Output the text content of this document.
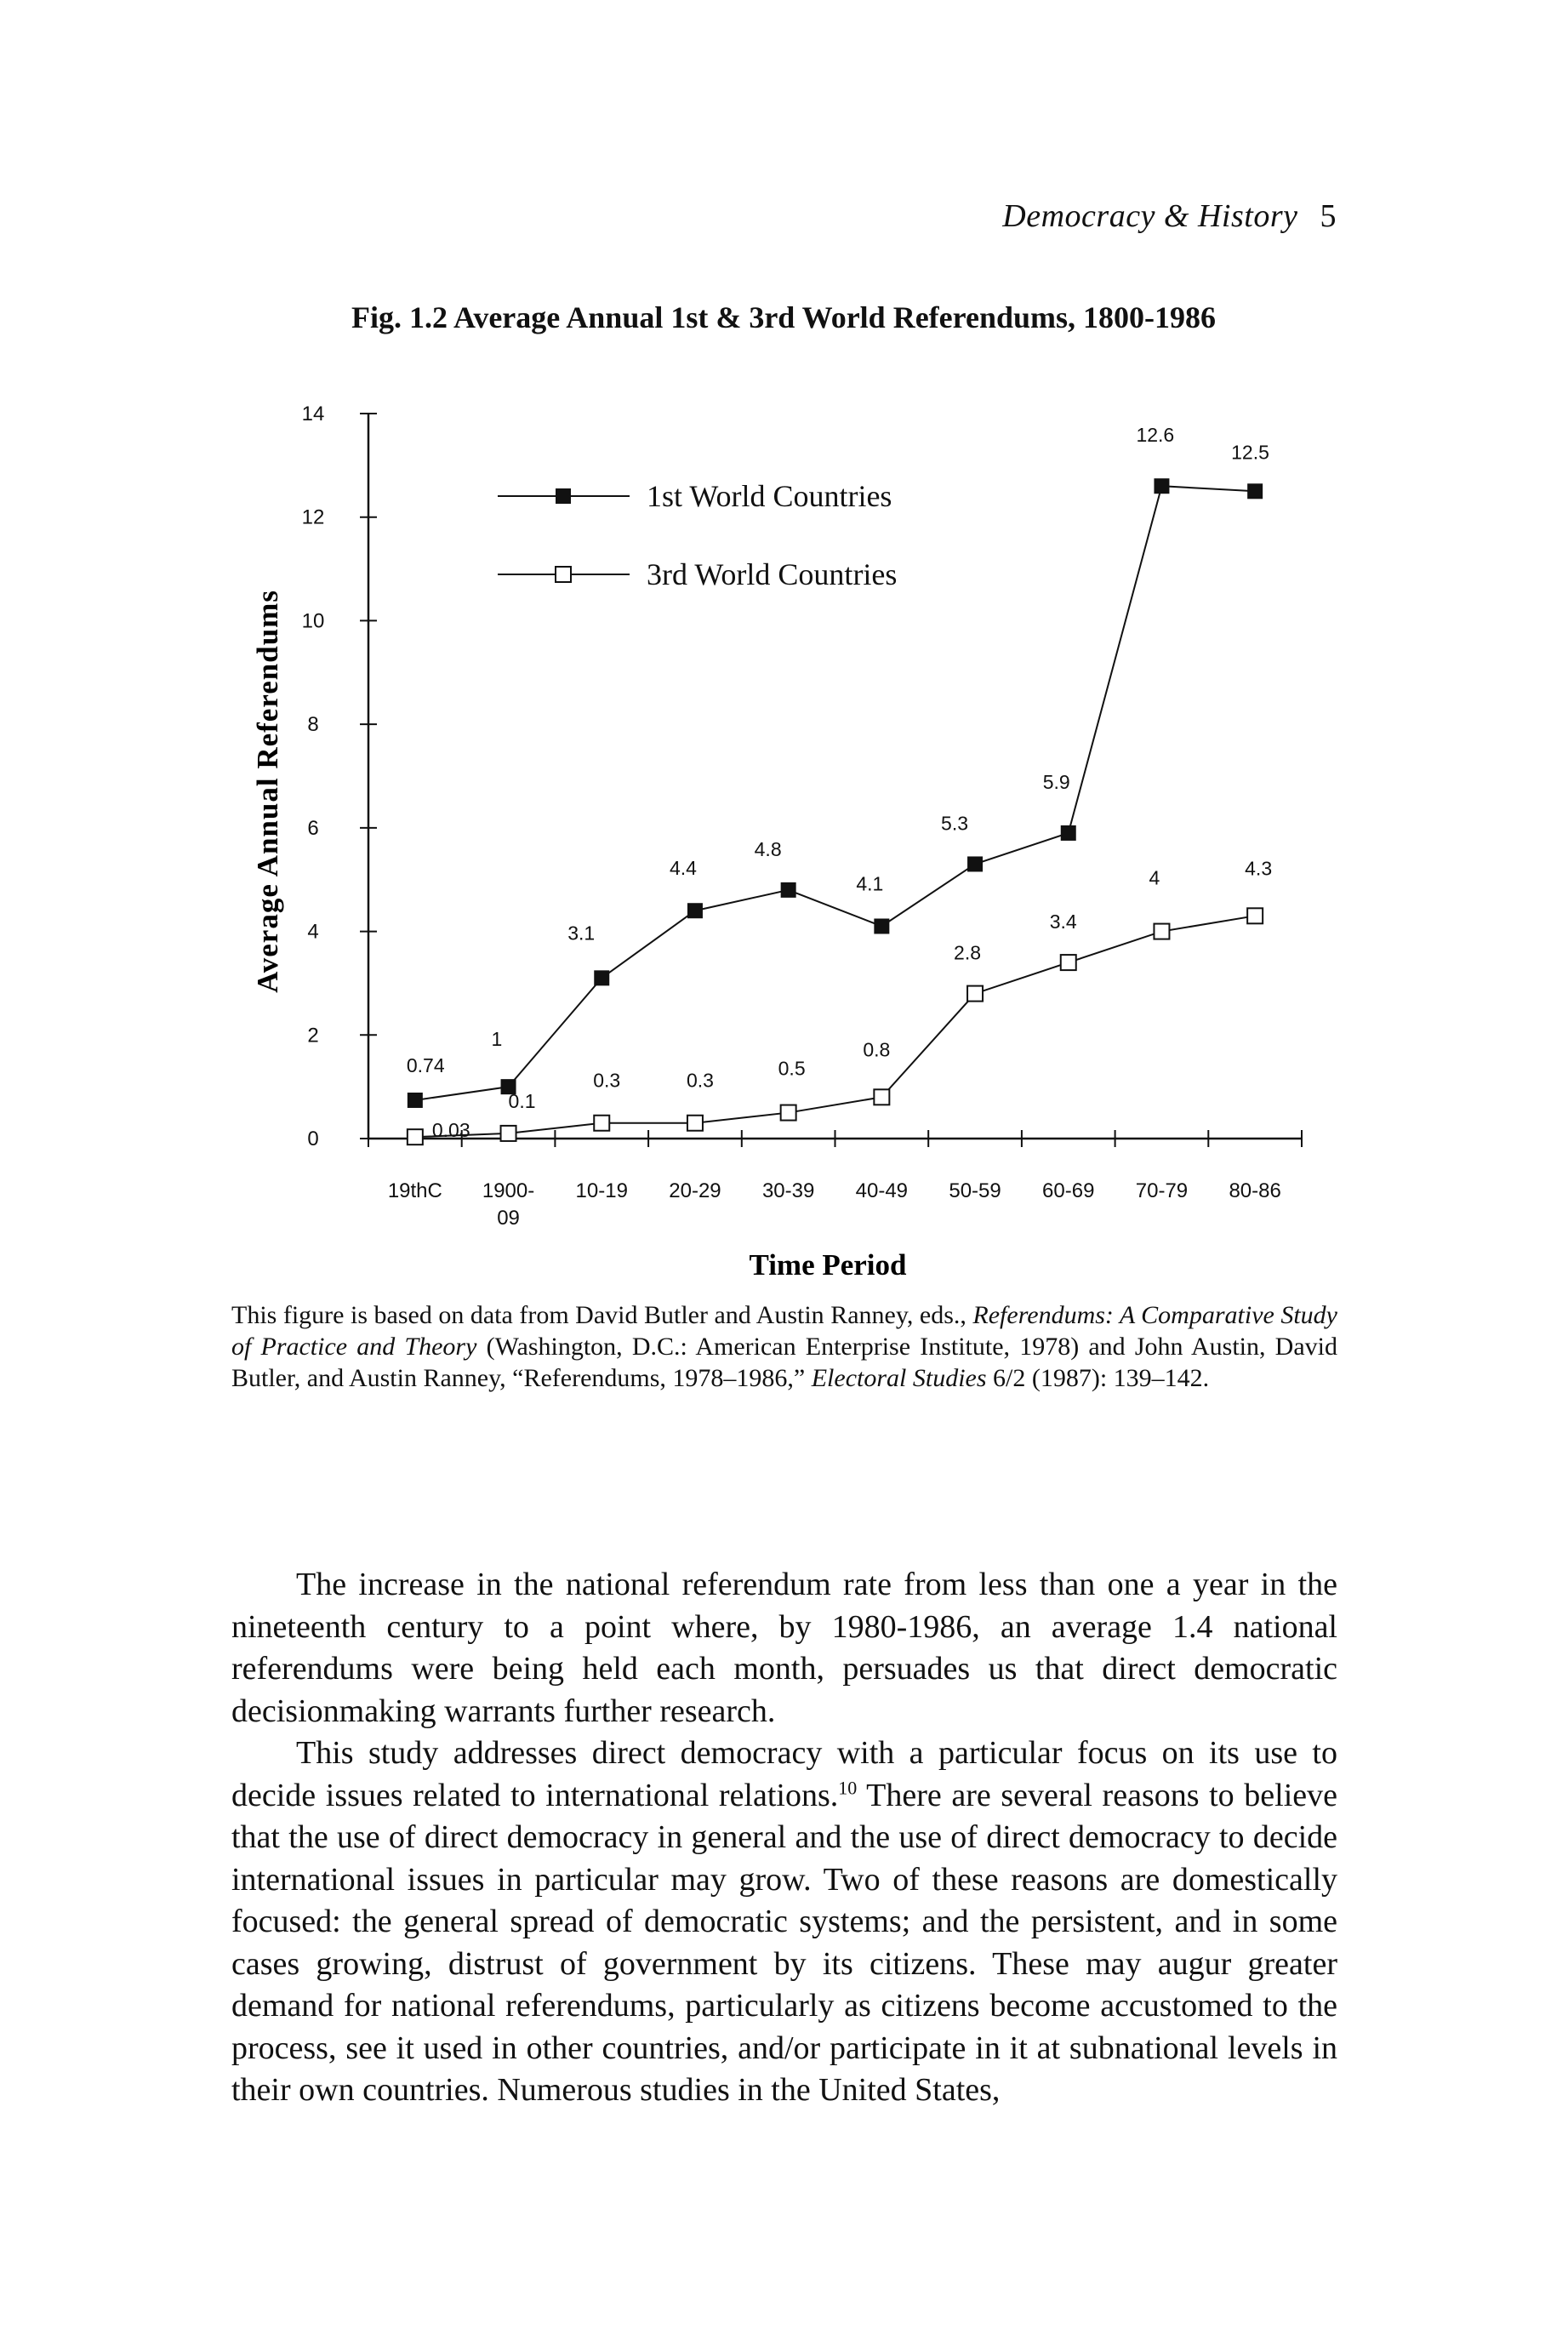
Democracy & History 5
Fig. 1.2 Average Annual 1st & 3rd World Referendums, 1800-1986
0
2
4
6
8
10
12
14
19thC 1900-09
10-19 20-29 30-39 40-49 50-59 60-69 70-79 80-86
0.74
1
3.1
4.4
4.8
4.1
5.3
5.9
12.6
12.5
0.03
0.1
0.3	0.3
0.5
0.8
2.8
3.4
4	4.3
1st World Countries
3rd World Countries
Average Annual Referendums
Time Period
This figure is based on data from David Butler and Austin Ranney, eds., Referendums: A Comparative Study of Practice and Theory (Washington, D.C.: American Enterprise Institute, 1978) and John Austin, David Butler, and Austin Ranney, “Referendums, 1978–1986,” Electoral Studies 6/2 (1987): 139–142.

The increase in the national referendum rate from less than one a year in the nineteenth century to a point where, by 1980-1986, an average 1.4 national referendums were being held each month, persuades us that direct democratic decisionmaking warrants further research.

This study addresses direct democracy with a particular focus on its use to decide issues related to international relations.$^{10}$ There are several reasons to believe that the use of direct democracy in general and the use of direct democracy to decide international issues in particular may grow. Two of these reasons are domestically focused: the general spread of democratic systems; and the persistent, and in some cases growing, distrust of government by its citizens. These may augur greater demand for national referendums, particularly as citizens become accustomed to the process, see it used in other countries, and/or participate in it at subnational levels in their own countries. Numerous studies in the United States,
